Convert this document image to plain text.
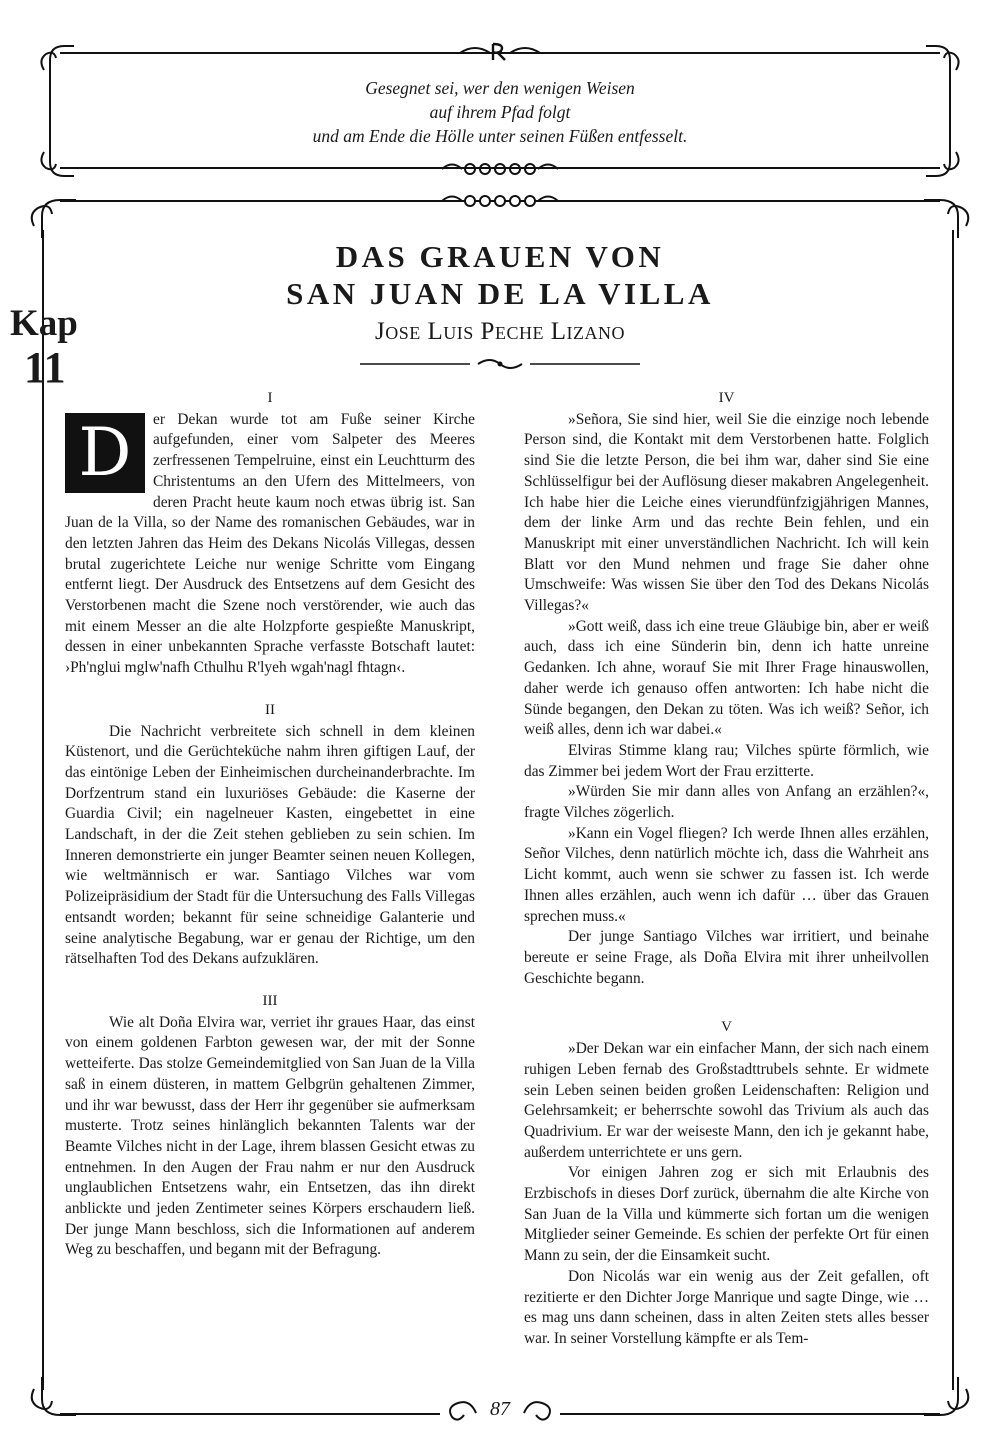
Gesegnet sei, wer den wenigen Weisen
auf ihrem Pfad folgt
und am Ende die Hölle unter seinen Füßen entfesselt.
Kap
11
DAS GRAUEN VON
SAN JUAN DE LA VILLA
Jose Luis Peche Lizano
I

D	er Dekan wurde tot am Fuße seiner Kirche aufgefunden, einer vom Salpeter des Meeres zerfressenen Tempelruine, einst ein Leuchtturm des Christentums an den Ufern des Mittelmeers, von deren Pracht heute kaum noch etwas übrig ist. San Juan de la Villa, so der Name des romanischen Gebäudes, war in den letzten Jahren das Heim des Dekans Nicolás Villegas, dessen brutal zugerichtete Leiche nur wenige Schritte vom Eingang entfernt liegt. Der Ausdruck des Entsetzens auf dem Gesicht des Verstorbenen macht die Szene noch verstörender, wie auch das mit einem Messer an die alte Holzpforte gespießte Manuskript, dessen in einer unbekannten Sprache verfasste Botschaft lautet: ›Ph'nglui mglw'nafh Cthulhu R'lyeh wgah'nagl fhtagn‹.

II

Die Nachricht verbreitete sich schnell in dem kleinen Küstenort, und die Gerüchteküche nahm ihren giftigen Lauf, der das eintönige Leben der Einheimischen durcheinanderbrachte. Im Dorfzentrum stand ein luxuriöses Gebäude: die Kaserne der Guardia Civil; ein nagelneuer Kasten, eingebettet in eine Landschaft, in der die Zeit stehen geblieben zu sein schien. Im Inneren demonstrierte ein junger Beamter seinen neuen Kollegen, wie weltmännisch er war. Santiago Vilches war vom Polizeipräsidium der Stadt für die Untersuchung des Falls Villegas entsandt worden; bekannt für seine schneidige Galanterie und seine analytische Begabung, war er genau der Richtige, um den rätselhaften Tod des Dekans aufzuklären.

III

Wie alt Doña Elvira war, verriet ihr graues Haar, das einst von einem goldenen Farbton gewesen war, der mit der Sonne wetteiferte. Das stolze Gemeindemitglied von San Juan de la Villa saß in einem düsteren, in mattem Gelbgrün gehaltenen Zimmer, und ihr war bewusst, dass der Herr ihr gegenüber sie aufmerksam musterte. Trotz seines hinlänglich bekannten Talents war der Beamte Vilches nicht in der Lage, ihrem blassen Gesicht etwas zu entnehmen. In den Augen der Frau nahm er nur den Ausdruck unglaublichen Entsetzens wahr, ein Entsetzen, das ihn direkt anblickte und jeden Zentimeter seines Körpers erschaudern ließ. Der junge Mann beschloss, sich die Informationen auf anderem Weg zu beschaffen, und begann mit der Befragung.

IV

»Señora, Sie sind hier, weil Sie die einzige noch lebende Person sind, die Kontakt mit dem Verstorbenen hatte. Folglich sind Sie die letzte Person, die bei ihm war, daher sind Sie eine Schlüsselfigur bei der Auflösung dieser makabren Angelegenheit. Ich habe hier die Leiche eines vierundfünfzigjährigen Mannes, dem der linke Arm und das rechte Bein fehlen, und ein Manuskript mit einer unverständlichen Nachricht. Ich will kein Blatt vor den Mund nehmen und frage Sie daher ohne Umschweife: Was wissen Sie über den Tod des Dekans Nicolás Villegas?«

»Gott weiß, dass ich eine treue Gläubige bin, aber er weiß auch, dass ich eine Sünderin bin, denn ich hatte unreine Gedanken. Ich ahne, worauf Sie mit Ihrer Frage hinauswollen, daher werde ich genauso offen antworten: Ich habe nicht die Sünde begangen, den Dekan zu töten. Was ich weiß? Señor, ich weiß alles, denn ich war dabei.«

Elviras Stimme klang rau; Vilches spürte förmlich, wie das Zimmer bei jedem Wort der Frau erzitterte.

»Würden Sie mir dann alles von Anfang an erzählen?«, fragte Vilches zögerlich.

»Kann ein Vogel fliegen? Ich werde Ihnen alles erzählen, Señor Vilches, denn natürlich möchte ich, dass die Wahrheit ans Licht kommt, auch wenn sie schwer zu fassen ist. Ich werde Ihnen alles erzählen, auch wenn ich dafür … über das Grauen sprechen muss.«

Der junge Santiago Vilches war irritiert, und beinahe bereute er seine Frage, als Doña Elvira mit ihrer unheilvollen Geschichte begann.

V

»Der Dekan war ein einfacher Mann, der sich nach einem ruhigen Leben fernab des Großstadttrubels sehnte. Er widmete sein Leben seinen beiden großen Leidenschaften: Religion und Gelehrsamkeit; er beherrschte sowohl das Trivium als auch das Quadrivium. Er war der weiseste Mann, den ich je gekannt habe, außerdem unterrichtete er uns gern.

Vor einigen Jahren zog er sich mit Erlaubnis des Erzbischofs in dieses Dorf zurück, übernahm die alte Kirche von San Juan de la Villa und kümmerte sich fortan um die wenigen Mitglieder seiner Gemeinde. Es schien der perfekte Ort für einen Mann zu sein, der die Einsamkeit sucht.

Don Nicolás war ein wenig aus der Zeit gefallen, oft rezitierte er den Dichter Jorge Manrique und sagte Dinge, wie … es mag uns dann scheinen, dass in alten Zeiten stets alles besser war. In seiner Vorstellung kämpfte er als Tem-

87
